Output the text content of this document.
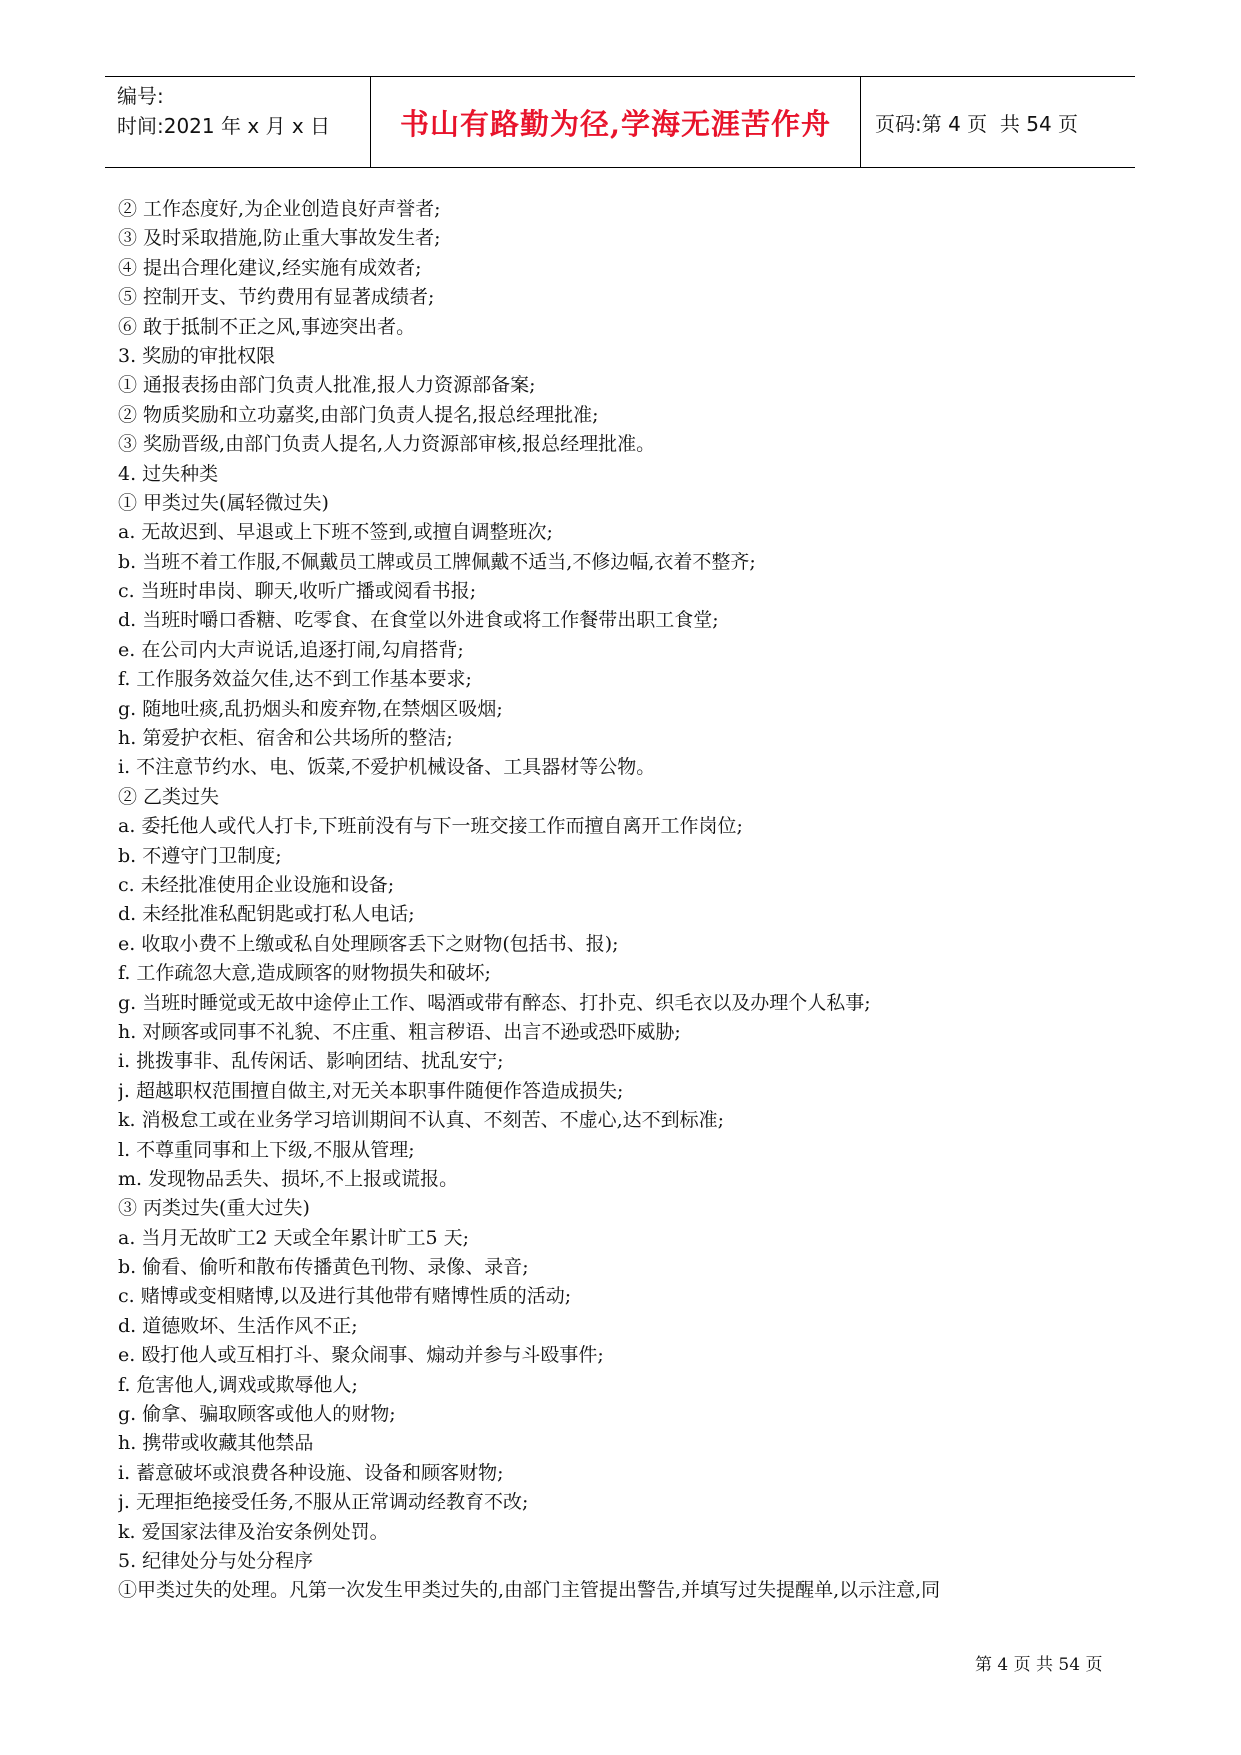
编号:
时间:2021 年 x 月 x 日	书山有路勤为径,学海无涯苦作舟	页码:第 4 页  共 54 页
② 工作态度好,为企业创造良好声誉者;
③ 及时采取措施,防止重大事故发生者;
④ 提出合理化建议,经实施有成效者;
⑤ 控制开支、节约费用有显著成绩者;
⑥ 敢于抵制不正之风,事迹突出者。
3. 奖励的审批权限
① 通报表扬由部门负责人批准,报人力资源部备案;
② 物质奖励和立功嘉奖,由部门负责人提名,报总经理批准;
③ 奖励晋级,由部门负责人提名,人力资源部审核,报总经理批准。
4. 过失种类
① 甲类过失(属轻微过失)
a. 无故迟到、早退或上下班不签到,或擅自调整班次;
b. 当班不着工作服,不佩戴员工牌或员工牌佩戴不适当,不修边幅,衣着不整齐;
c. 当班时串岗、聊天,收听广播或阅看书报;
d. 当班时嚼口香糖、吃零食、在食堂以外进食或将工作餐带出职工食堂;
e. 在公司内大声说话,追逐打闹,勾肩搭背;
f. 工作服务效益欠佳,达不到工作基本要求;
g. 随地吐痰,乱扔烟头和废弃物,在禁烟区吸烟;
h. 第爱护衣柜、宿舍和公共场所的整洁;
i. 不注意节约水、电、饭菜,不爱护机械设备、工具器材等公物。
② 乙类过失
a. 委托他人或代人打卡,下班前没有与下一班交接工作而擅自离开工作岗位;
b. 不遵守门卫制度;
c. 未经批准使用企业设施和设备;
d. 未经批准私配钥匙或打私人电话;
e. 收取小费不上缴或私自处理顾客丢下之财物(包括书、报);
f. 工作疏忽大意,造成顾客的财物损失和破坏;
g. 当班时睡觉或无故中途停止工作、喝酒或带有醉态、打扑克、织毛衣以及办理个人私事;
h. 对顾客或同事不礼貌、不庄重、粗言秽语、出言不逊或恐吓威胁;
i. 挑拨事非、乱传闲话、影响团结、扰乱安宁;
j. 超越职权范围擅自做主,对无关本职事件随便作答造成损失;
k. 消极怠工或在业务学习培训期间不认真、不刻苦、不虚心,达不到标准;
l. 不尊重同事和上下级,不服从管理;
m. 发现物品丢失、损坏,不上报或谎报。
③ 丙类过失(重大过失)
a. 当月无故旷工2 天或全年累计旷工5 天;
b. 偷看、偷听和散布传播黄色刊物、录像、录音;
c. 赌博或变相赌博,以及进行其他带有赌博性质的活动;
d. 道德败坏、生活作风不正;
e. 殴打他人或互相打斗、聚众闹事、煽动并参与斗殴事件;
f. 危害他人,调戏或欺辱他人;
g. 偷拿、骗取顾客或他人的财物;
h. 携带或收藏其他禁品
i. 蓄意破坏或浪费各种设施、设备和顾客财物;
j. 无理拒绝接受任务,不服从正常调动经教育不改;
k. 爱国家法律及治安条例处罚。
5. 纪律处分与处分程序
①甲类过失的处理。凡第一次发生甲类过失的,由部门主管提出警告,并填写过失提醒单,以示注意,同
第 4 页 共 54 页
